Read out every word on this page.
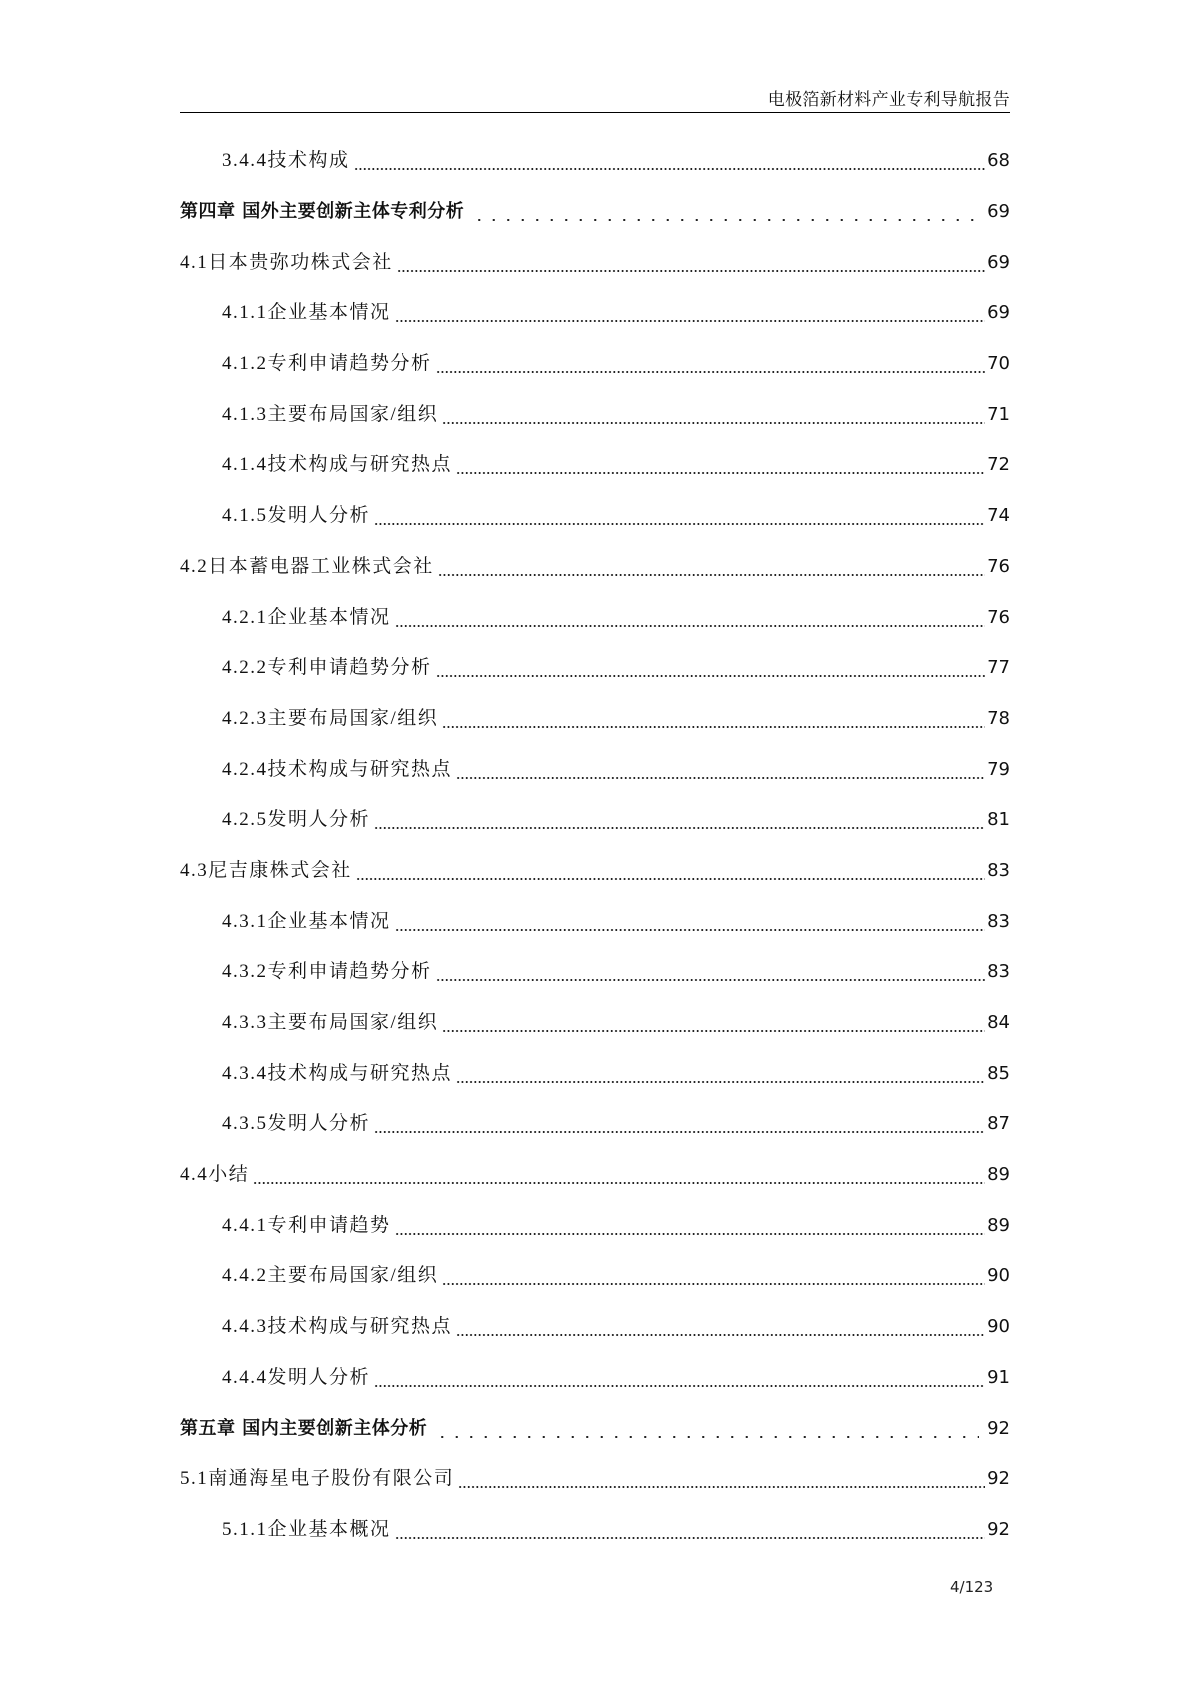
电极箔新材料产业专利导航报告
3.4.4技术构成	68
第四章 国外主要创新主体专利分析	69
4.1日本贵弥功株式会社	69
4.1.1企业基本情况	69
4.1.2专利申请趋势分析	70
4.1.3主要布局国家/组织	71
4.1.4技术构成与研究热点	72
4.1.5发明人分析	74
4.2日本蓄电器工业株式会社	76
4.2.1企业基本情况	76
4.2.2专利申请趋势分析	77
4.2.3主要布局国家/组织	78
4.2.4技术构成与研究热点	79
4.2.5发明人分析	81
4.3尼吉康株式会社	83
4.3.1企业基本情况	83
4.3.2专利申请趋势分析	83
4.3.3主要布局国家/组织	84
4.3.4技术构成与研究热点	85
4.3.5发明人分析	87
4.4小结	89
4.4.1专利申请趋势	89
4.4.2主要布局国家/组织	90
4.4.3技术构成与研究热点	90
4.4.4发明人分析	91
第五章 国内主要创新主体分析	92
5.1南通海星电子股份有限公司	92
5.1.1企业基本概况	92
4/123
